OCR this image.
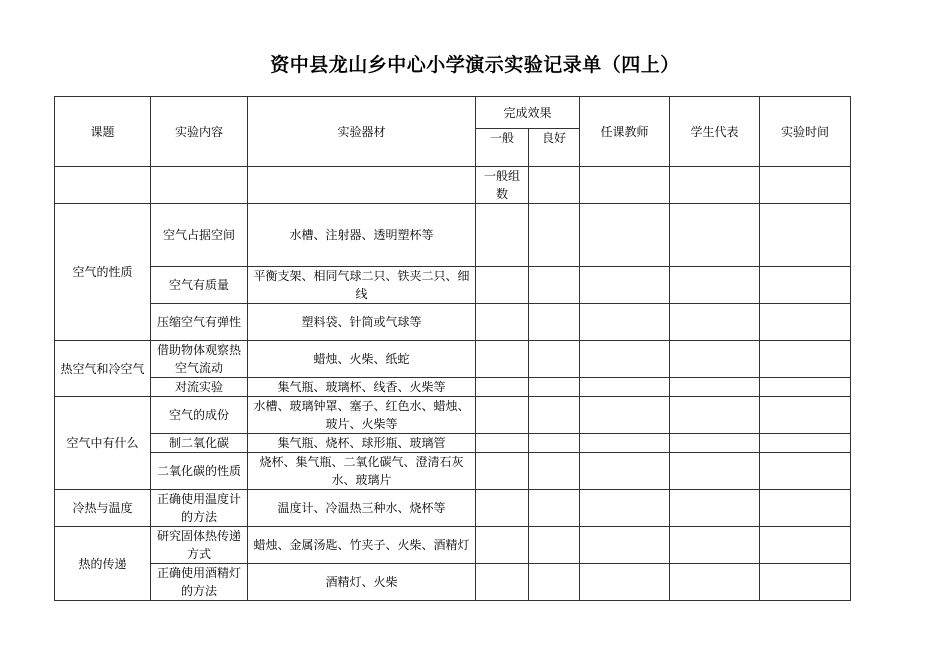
资中县龙山乡中心小学演示实验记录单（四上）
课题	实验内容	实验器材	完成效果		任课教师	学生代表	实验时间
			一般	良好			
			一般组数				
空气的性质	空气占据空间	水槽、注射器、透明塑杯等					
	空气有质量	平衡支架、相同气球二只、铁夹二只、细线					
	压缩空气有弹性	塑料袋、针筒或气球等					
热空气和冷空气	借助物体观察热空气流动	蜡烛、火柴、纸蛇					
	对流实验	集气瓶、玻璃杯、线香、火柴等					
空气中有什么	空气的成份	水槽、玻璃钟罩、塞子、红色水、蜡烛、玻片、火柴等					
	制二氧化碳	集气瓶、烧杯、球形瓶、玻璃管					
	二氧化碳的性质	烧杯、集气瓶、二氧化碳气、澄清石灰水、玻璃片					
冷热与温度	正确使用温度计的方法	温度计、冷温热三种水、烧杯等					
热的传递	研究固体热传递方式	蜡烛、金属汤匙、竹夹子、火柴、酒精灯					
	正确使用酒精灯的方法	酒精灯、火柴					
